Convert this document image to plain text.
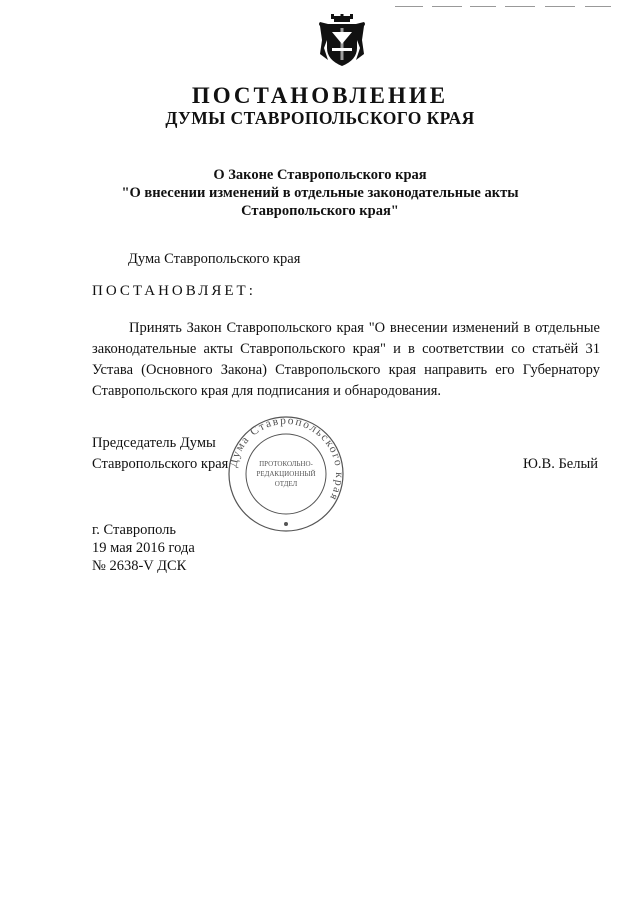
ПОСТАНОВЛЕНИЕ
ДУМЫ СТАВРОПОЛЬСКОГО КРАЯ
О Законе Ставропольского края
"О внесении изменений в отдельные законодательные акты
Ставропольского края"
Дума Ставропольского края
ПОСТАНОВЛЯЕТ:
Принять Закон Ставропольского края "О внесении изменений в отдельные законодательные акты Ставропольского края" и в соответствии со статьёй 31 Устава (Основного Закона) Ставропольского края направить его Губернатору Ставропольского края для подписания и обнародования.
Дума Ставропольского края
ПРОТОКОЛЬНО-
РЕДАКЦИОННЫЙ
ОТДЕЛ
Председатель Думы
Ставропольского края	Ю.В. Белый
г. Ставрополь
19 мая 2016 года
№ 2638-V ДСК
